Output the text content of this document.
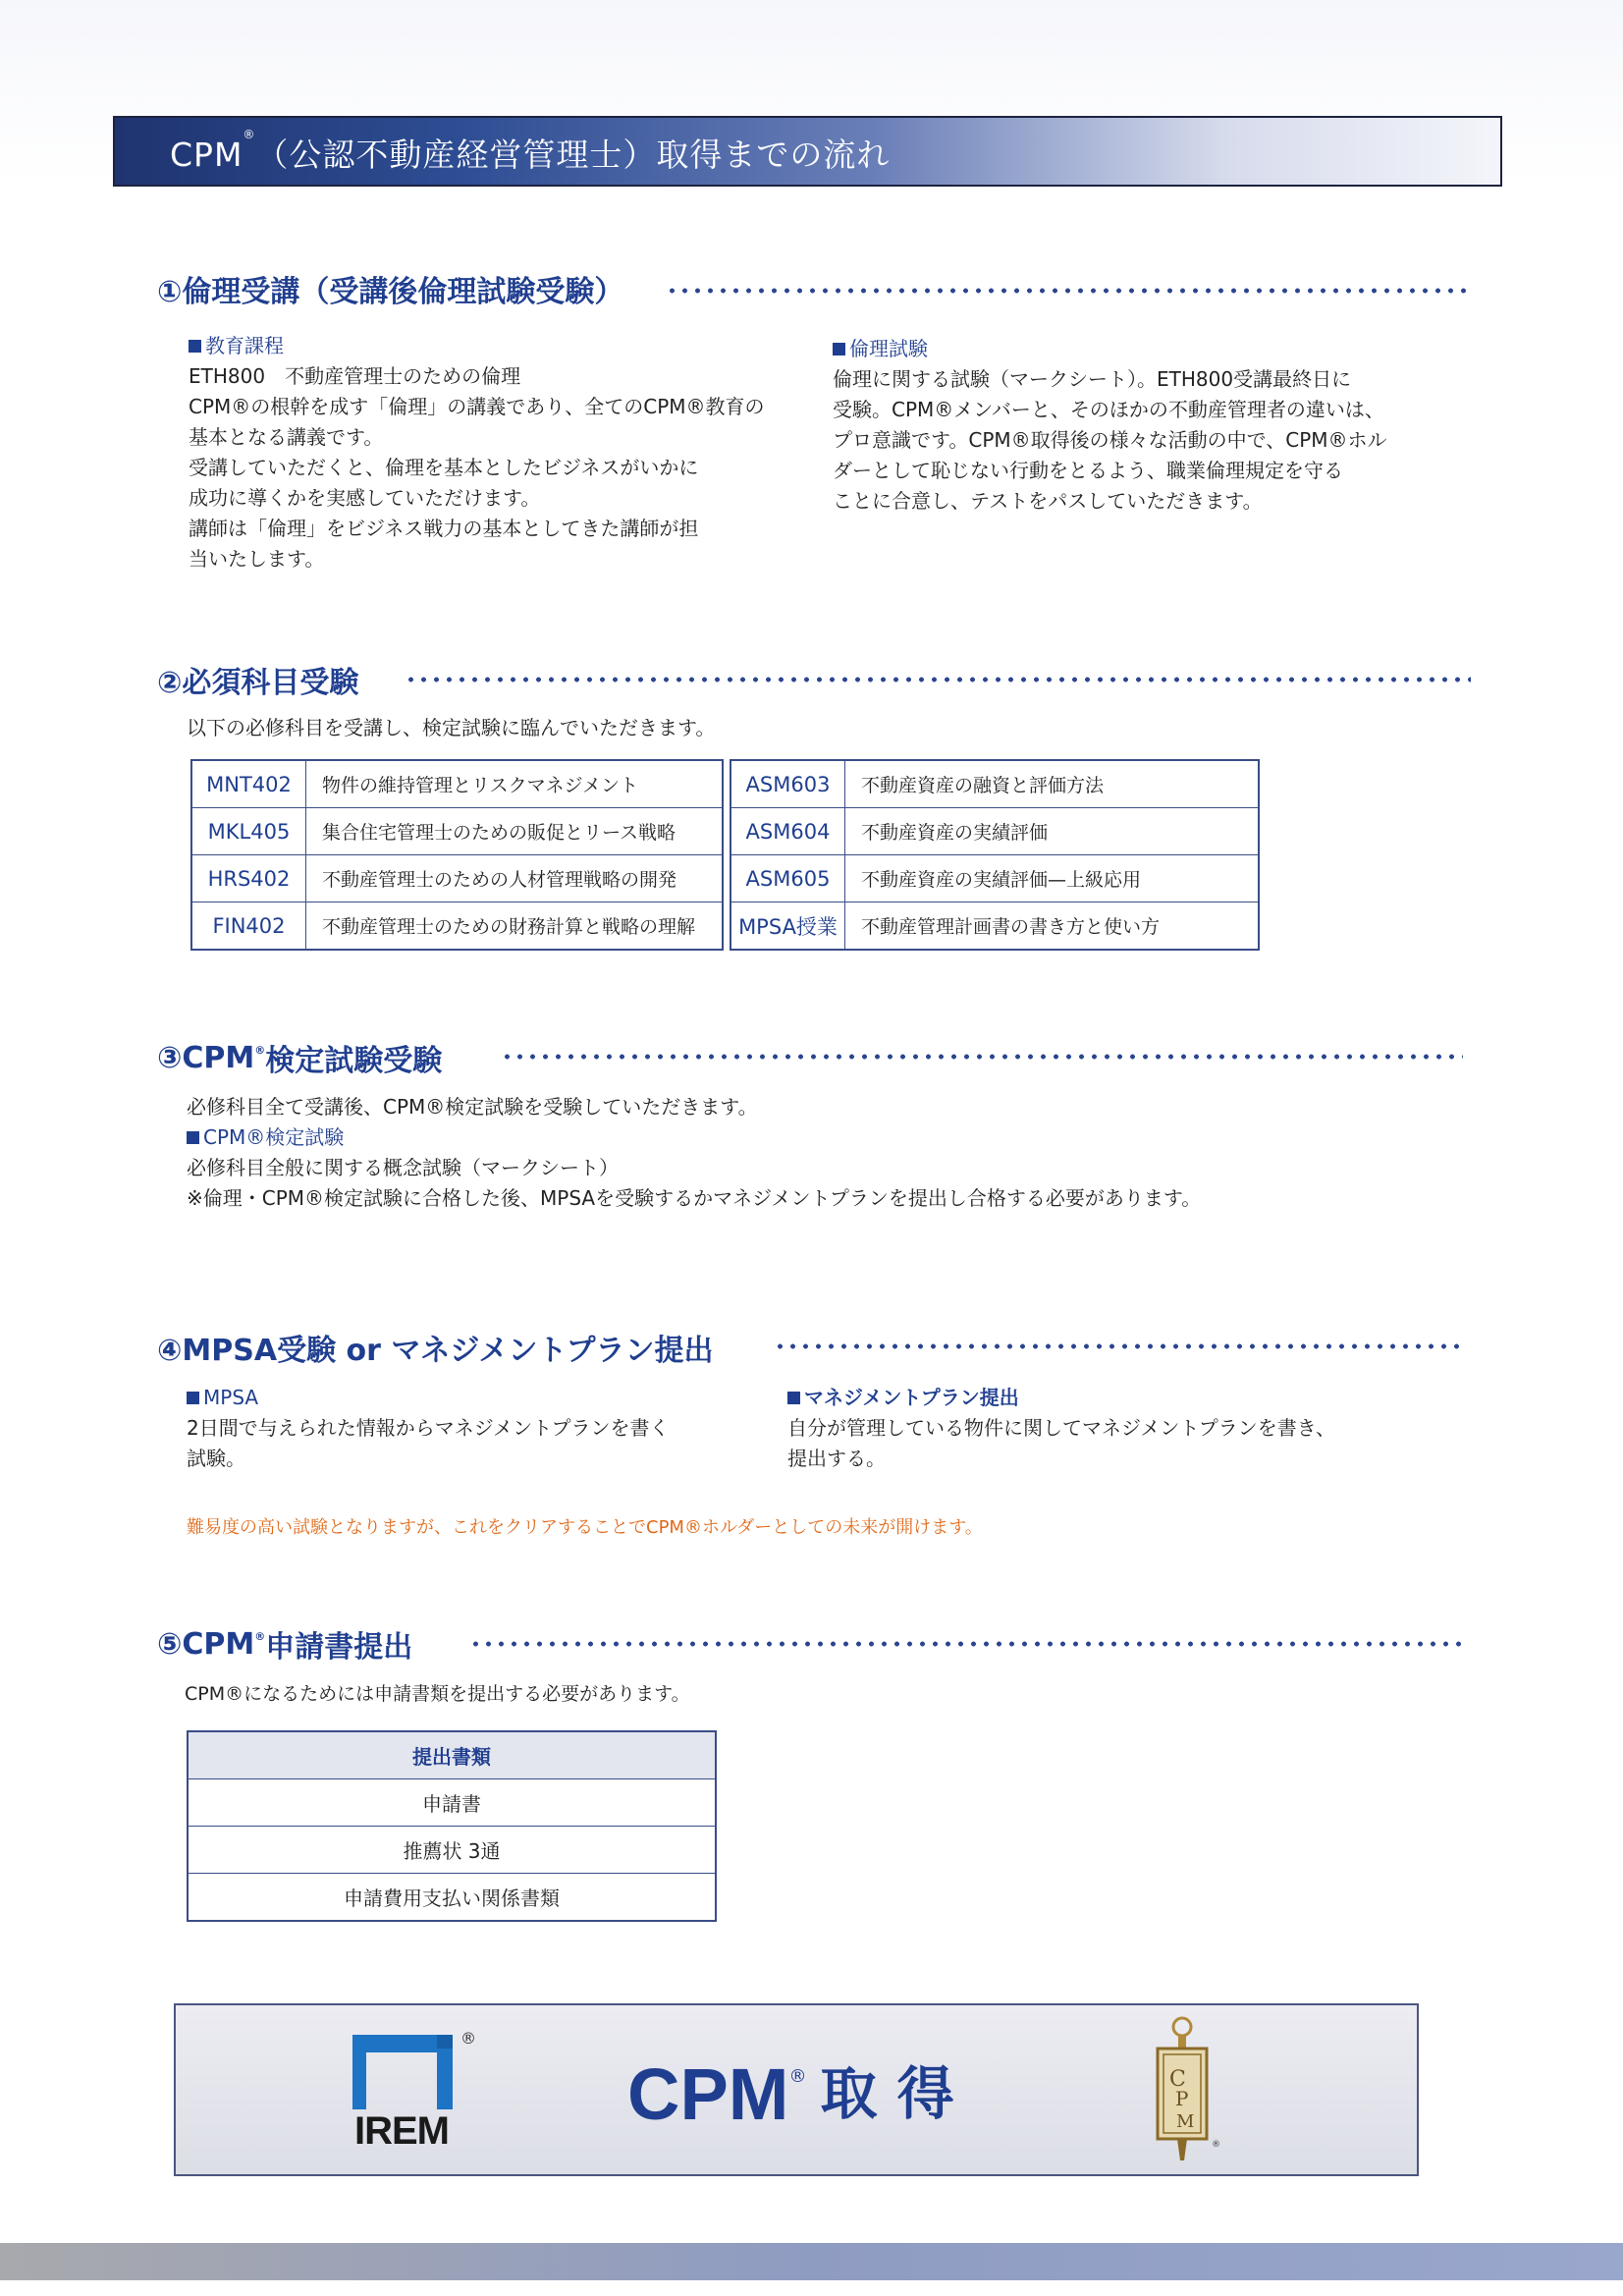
CPM®（公認不動産経営管理士）取得までの流れ
①倫理受講（受講後倫理試験受験）
教育課程
ETH800　不動産管理士のための倫理
CPM®の根幹を成す「倫理」の講義であり、全てのCPM®教育の
基本となる講義です。
受講していただくと、倫理を基本としたビジネスがいかに
成功に導くかを実感していただけます。
講師は「倫理」をビジネス戦力の基本としてきた講師が担
当いたします。
倫理試験
倫理に関する試験（マークシート）。ETH800受講最終日に
受験。CPM®メンバーと、そのほかの不動産管理者の違いは、
プロ意識です。CPM®取得後の様々な活動の中で、CPM®ホル
ダーとして恥じない行動をとるよう、職業倫理規定を守る
ことに合意し、テストをパスしていただきます。
②必須科目受験
以下の必修科目を受講し、検定試験に臨んでいただきます。
MNT402	物件の維持管理とリスクマネジメント
MKL405	集合住宅管理士のための販促とリース戦略
HRS402	不動産管理士のための人材管理戦略の開発
FIN402	不動産管理士のための財務計算と戦略の理解
ASM603	不動産資産の融資と評価方法
ASM604	不動産資産の実績評価
ASM605	不動産資産の実績評価—上級応用
MPSA授業	不動産管理計画書の書き方と使い方
③CPM® 検定試験受験
必修科目全て受講後、CPM®検定試験を受験していただきます。
CPM®検定試験
必修科目全般に関する概念試験（マークシート）
※倫理・CPM®検定試験に合格した後、MPSAを受験するかマネジメントプランを提出し合格する必要があります。
④MPSA受験 or マネジメントプラン提出
MPSA
2日間で与えられた情報からマネジメントプランを書く
試験。
マネジメントプラン提出
自分が管理している物件に関してマネジメントプランを書き、
提出する。
難易度の高い試験となりますが、これをクリアすることでCPM®ホルダーとしての未来が開けます。
⑤CPM® 申請書提出
CPM®になるためには申請書類を提出する必要があります。
提出書類
申請書
推薦状 3通
申請費用支払い関係書類
IREM
®
CPM® 取 得	C
P
M
®
